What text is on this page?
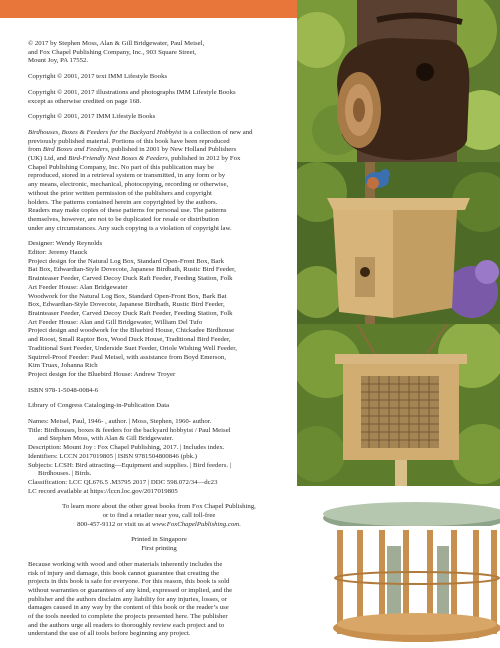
© 2017 by Stephen Moss, Alan & Gill Bridgewater, Paul Meisel,

and Fox Chapel Publishing Company, Inc., 903 Square Street,

Mount Joy, PA 17552.

Copyright © 2001, 2017 text IMM Lifestyle Books

Copyright © 2001, 2017 illustrations and photographs IMM Lifestyle Books

except as otherwise credited on page 168.

Copyright © 2001, 2017 IMM Lifestyle Books

Birdhouses, Boxes & Feeders for the Backyard Hobbyist is a collection of new and

previously published material. Portions of this book have been reproduced

from Bird Boxes and Feeders, published in 2001 by New Holland Publishers

(UK) Ltd, and Bird-Friendly Nest Boxes & Feeders, published in 2012 by Fox

Chapel Publishing Company, Inc. No part of this publication may be

reproduced, stored in a retrieval system or transmitted, in any form or by

any means, electronic, mechanical, photocopying, recording or otherwise,

without the prior written permission of the publishers and copyright

holders. The patterns contained herein are copyrighted by the authors.

Readers may make copies of these patterns for personal use. The patterns

themselves, however, are not to be duplicated for resale or distribution

under any circumstances. Any such copying is a violation of copyright law.

Designer: Wendy Reynolds

Editor: Jeremy Hauck

Project design for the Natural Log Box, Standard Open-Front Box, Bark

Bat Box, Edwardian-Style Dovecote, Japanese Birdbath, Rustic Bird Feeder,

Brainteaser Feeder, Carved Decoy Duck Raft Feeder, Feeding Station, Folk

Art Feeder House: Alan Bridgewater

Woodwork for the Natural Log Box, Standard Open-Front Box, Bark Bat

Box, Edwardian-Style Dovecote, Japanese Birdbath, Rustic Bird Feeder,

Brainteaser Feeder, Carved Decoy Duck Raft Feeder, Feeding Station, Folk

Art Feeder House: Alan and Gill Bridgewater, William Del Tufo

Project design and woodwork for the Bluebird House, Chickadee Birdhouse

and Roost, Small Raptor Box, Wood Duck House, Traditional Bird Feeder,

Traditional Suet Feeder, Underside Suet Feeder, Oriole Wishing Well Feeder,

Squirrel-Proof Feeder: Paul Meisel, with assistance from Boyd Emerson,

Kim Truax, Johanna Rich

Project design for the Bluebird House: Andrew Troyer

ISBN 978-1-5048-0084-6

Library of Congress Cataloging-in-Publication Data

Names: Meisel, Paul, 1946- , author. | Moss, Stephen, 1960- author.

Title: Birdhouses, boxes & feeders for the backyard hobbyist / Paul Meisel

and Stephen Moss, with Alan & Gill Bridgewater.

Description: Mount Joy : Fox Chapel Publishing, 2017. | Includes index.

Identifiers: LCCN 2017019805 | ISBN 9781504800846 (pbk.)

Subjects: LCSH: Bird attracting—Equipment and supplies. | Bird feeders. |

Birdhouses. | Birds.

Classification: LCC QL676.5 .M3795 2017 | DDC 598.072/34—dc23

LC record available at https://lccn.loc.gov/2017019805

To learn more about the other great books from Fox Chapel Publishing,

or to find a retailer near you, call toll-free

800-457-9112 or visit us at www.FoxChapelPublishing.com.

Printed in Singapore

First printing

Because working with wood and other materials inherently includes the

risk of injury and damage, this book cannot guarantee that creating the

projects in this book is safe for everyone. For this reason, this book is sold

without warranties or guarantees of any kind, expressed or implied, and the

publisher and the authors disclaim any liability for any injuries, losses, or

damages caused in any way by the content of this book or the reader’s use

of the tools needed to complete the projects presented here. The publisher

and the authors urge all readers to thoroughly review each project and to

understand the use of all tools before beginning any project.
